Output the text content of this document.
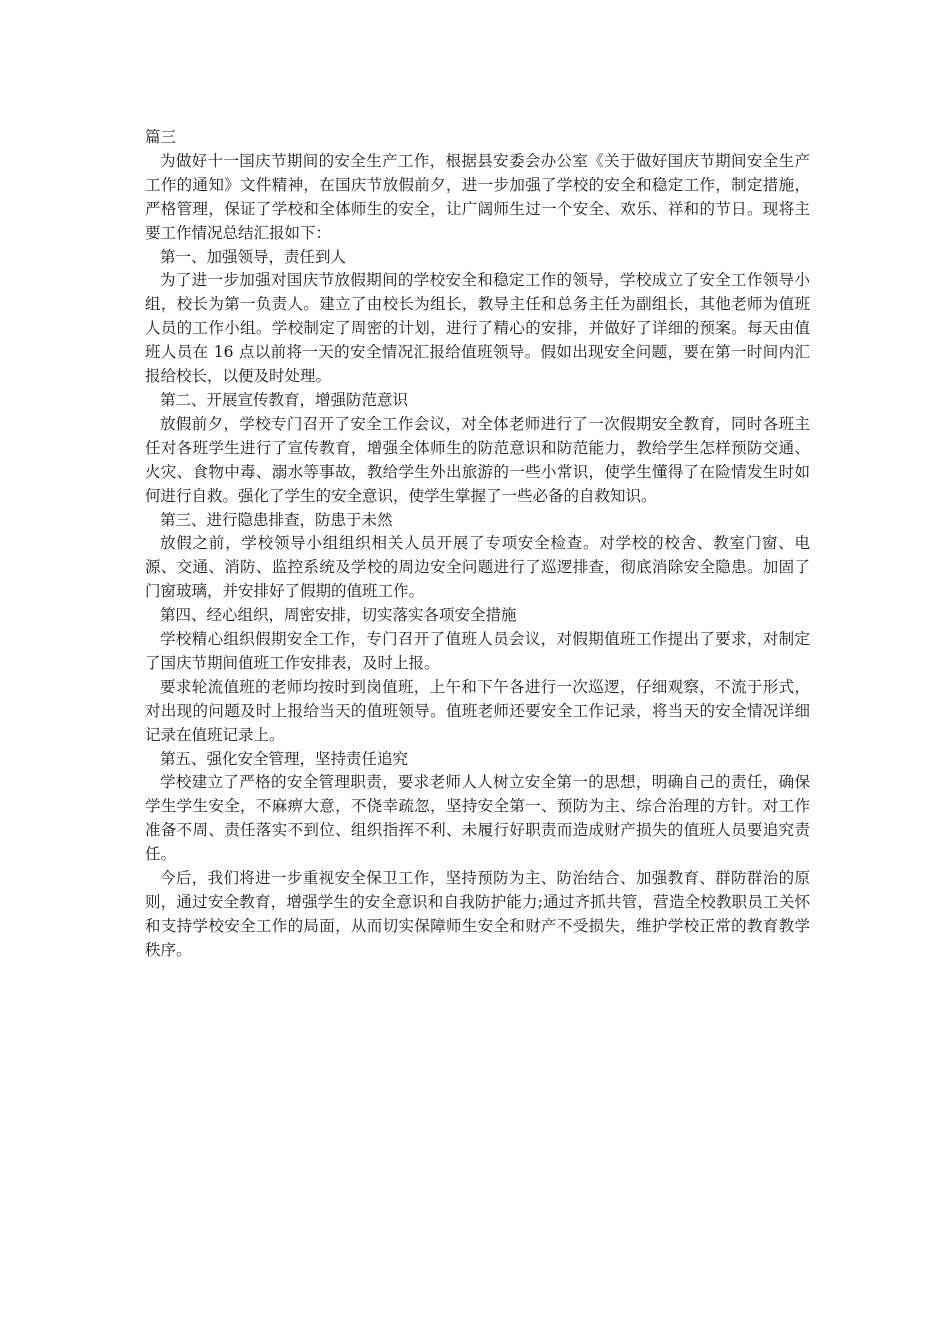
篇三

为做好十一国庆节期间的安全生产工作，根据县安委会办公室《关于做好国庆节期间安全生产工作的通知》文件精神，在国庆节放假前夕，进一步加强了学校的安全和稳定工作，制定措施，严格管理，保证了学校和全体师生的安全，让广阔师生过一个安全、欢乐、祥和的节日。现将主要工作情况总结汇报如下：

第一、加强领导，责任到人

为了进一步加强对国庆节放假期间的学校安全和稳定工作的领导，学校成立了安全工作领导小组，校长为第一负责人。建立了由校长为组长，教导主任和总务主任为副组长，其他老师为值班人员的工作小组。学校制定了周密的计划，进行了精心的安排，并做好了详细的预案。每天由值班人员在 16 点以前将一天的安全情况汇报给值班领导。假如出现安全问题，要在第一时间内汇报给校长，以便及时处理。

第二、开展宣传教育，增强防范意识

放假前夕，学校专门召开了安全工作会议，对全体老师进行了一次假期安全教育，同时各班主任对各班学生进行了宣传教育，增强全体师生的防范意识和防范能力，教给学生怎样预防交通、火灾、食物中毒、溺水等事故，教给学生外出旅游的一些小常识，使学生懂得了在险情发生时如何进行自救。强化了学生的安全意识，使学生掌握了一些必备的自救知识。

第三、进行隐患排查，防患于未然

放假之前，学校领导小组组织相关人员开展了专项安全检查。对学校的校舍、教室门窗、电源、交通、消防、监控系统及学校的周边安全问题进行了巡逻排查，彻底消除安全隐患。加固了门窗玻璃，并安排好了假期的值班工作。

第四、经心组织，周密安排，切实落实各项安全措施

学校精心组织假期安全工作，专门召开了值班人员会议，对假期值班工作提出了要求，对制定了国庆节期间值班工作安排表，及时上报。

要求轮流值班的老师均按时到岗值班，上午和下午各进行一次巡逻，仔细观察，不流于形式，对出现的问题及时上报给当天的值班领导。值班老师还要安全工作记录，将当天的安全情况详细记录在值班记录上。

第五、强化安全管理，坚持责任追究

学校建立了严格的安全管理职责，要求老师人人树立安全第一的思想，明确自己的责任，确保学生学生安全，不麻痹大意，不侥幸疏忽，坚持安全第一、预防为主、综合治理的方针。对工作准备不周、责任落实不到位、组织指挥不利、未履行好职责而造成财产损失的值班人员要追究责任。

今后，我们将进一步重视安全保卫工作，坚持预防为主、防治结合、加强教育、群防群治的原则，通过安全教育，增强学生的安全意识和自我防护能力;通过齐抓共管，营造全校教职员工关怀和支持学校安全工作的局面，从而切实保障师生安全和财产不受损失，维护学校正常的教育教学秩序。
